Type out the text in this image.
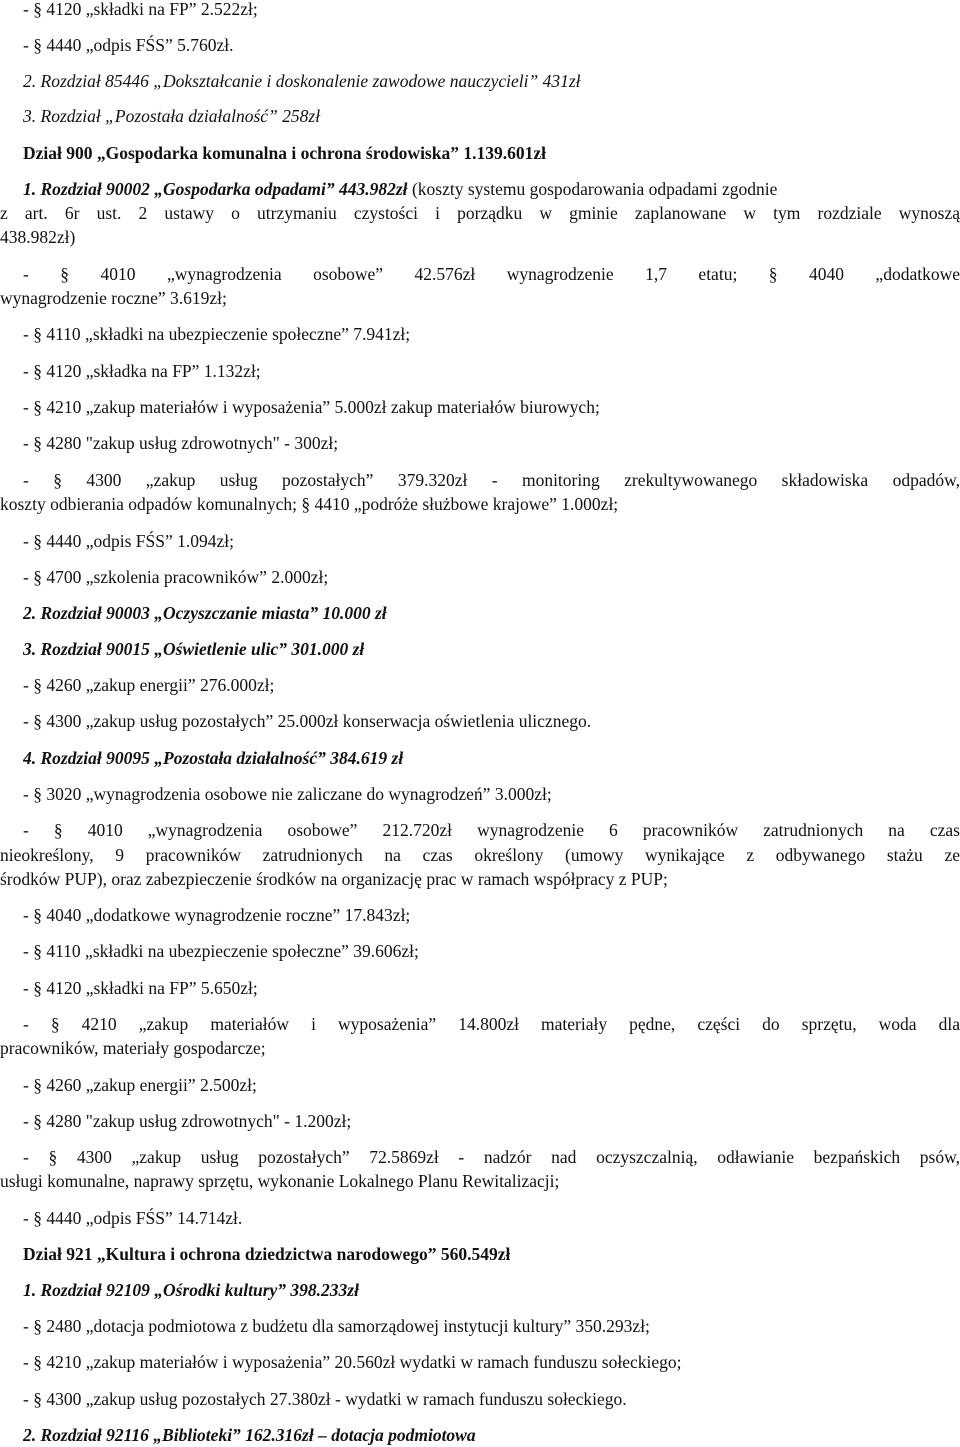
- § 4120 „składki na FP” 2.522zł;
- § 4440 „odpis FŚS” 5.760zł.
2. Rozdział 85446 „Dokształcanie i doskonalenie zawodowe nauczycieli” 431zł
3. Rozdział „Pozostała działalność” 258zł
Dział 900 „Gospodarka komunalna i ochrona środowiska” 1.139.601zł
1. Rozdział 90002 „Gospodarka odpadami” 443.982zł (koszty systemu gospodarowania odpadami zgodnie
z art. 6r ust. 2 ustawy o utrzymaniu czystości i porządku w gminie zaplanowane w tym rozdziale wynoszą
438.982zł)
- § 4010 „wynagrodzenia osobowe” 42.576zł wynagrodzenie 1,7 etatu; § 4040 „dodatkowe
wynagrodzenie roczne” 3.619zł;
- § 4110 „składki na ubezpieczenie społeczne” 7.941zł;
- § 4120 „składka na FP” 1.132zł;
- § 4210 „zakup materiałów i wyposażenia” 5.000zł zakup materiałów biurowych;
- § 4280 "zakup usług zdrowotnych" - 300zł;
- § 4300 „zakup usług pozostałych” 379.320zł - monitoring zrekultywowanego składowiska odpadów,
koszty odbierania odpadów komunalnych; § 4410 „podróże służbowe krajowe” 1.000zł;
- § 4440 „odpis FŚS” 1.094zł;
- § 4700 „szkolenia pracowników” 2.000zł;
2. Rozdział 90003 „Oczyszczanie miasta” 10.000 zł
3. Rozdział 90015 „Oświetlenie ulic” 301.000 zł
- § 4260 „zakup energii” 276.000zł;
- § 4300 „zakup usług pozostałych” 25.000zł konserwacja oświetlenia ulicznego.
4. Rozdział 90095 „Pozostała działalność” 384.619 zł
- § 3020 „wynagrodzenia osobowe nie zaliczane do wynagrodzeń” 3.000zł;
- § 4010 „wynagrodzenia osobowe” 212.720zł wynagrodzenie 6 pracowników zatrudnionych na czas
nieokreślony, 9 pracowników zatrudnionych na czas określony (umowy wynikające z odbywanego stażu ze
środków PUP), oraz zabezpieczenie środków na organizację prac w ramach współpracy z PUP;
- § 4040 „dodatkowe wynagrodzenie roczne” 17.843zł;
- § 4110 „składki na ubezpieczenie społeczne” 39.606zł;
- § 4120 „składki na FP” 5.650zł;
- § 4210 „zakup materiałów i wyposażenia” 14.800zł materiały pędne, części do sprzętu, woda dla
pracowników, materiały gospodarcze;
- § 4260 „zakup energii” 2.500zł;
- § 4280 "zakup usług zdrowotnych" - 1.200zł;
- § 4300 „zakup usług pozostałych” 72.5869zł - nadzór nad oczyszczalnią, odławianie bezpańskich psów,
usługi komunalne, naprawy sprzętu, wykonanie Lokalnego Planu Rewitalizacji;
- § 4440 „odpis FŚS” 14.714zł.
Dział 921 „Kultura i ochrona dziedzictwa narodowego” 560.549zł
1. Rozdział 92109 „Ośrodki kultury” 398.233zł
- § 2480 „dotacja podmiotowa z budżetu dla samorządowej instytucji kultury” 350.293zł;
- § 4210 „zakup materiałów i wyposażenia” 20.560zł wydatki w ramach funduszu sołeckiego;
- § 4300 „zakup usług pozostałych 27.380zł - wydatki w ramach funduszu sołeckiego.
2. Rozdział 92116 „Biblioteki” 162.316zł – dotacja podmiotowa
